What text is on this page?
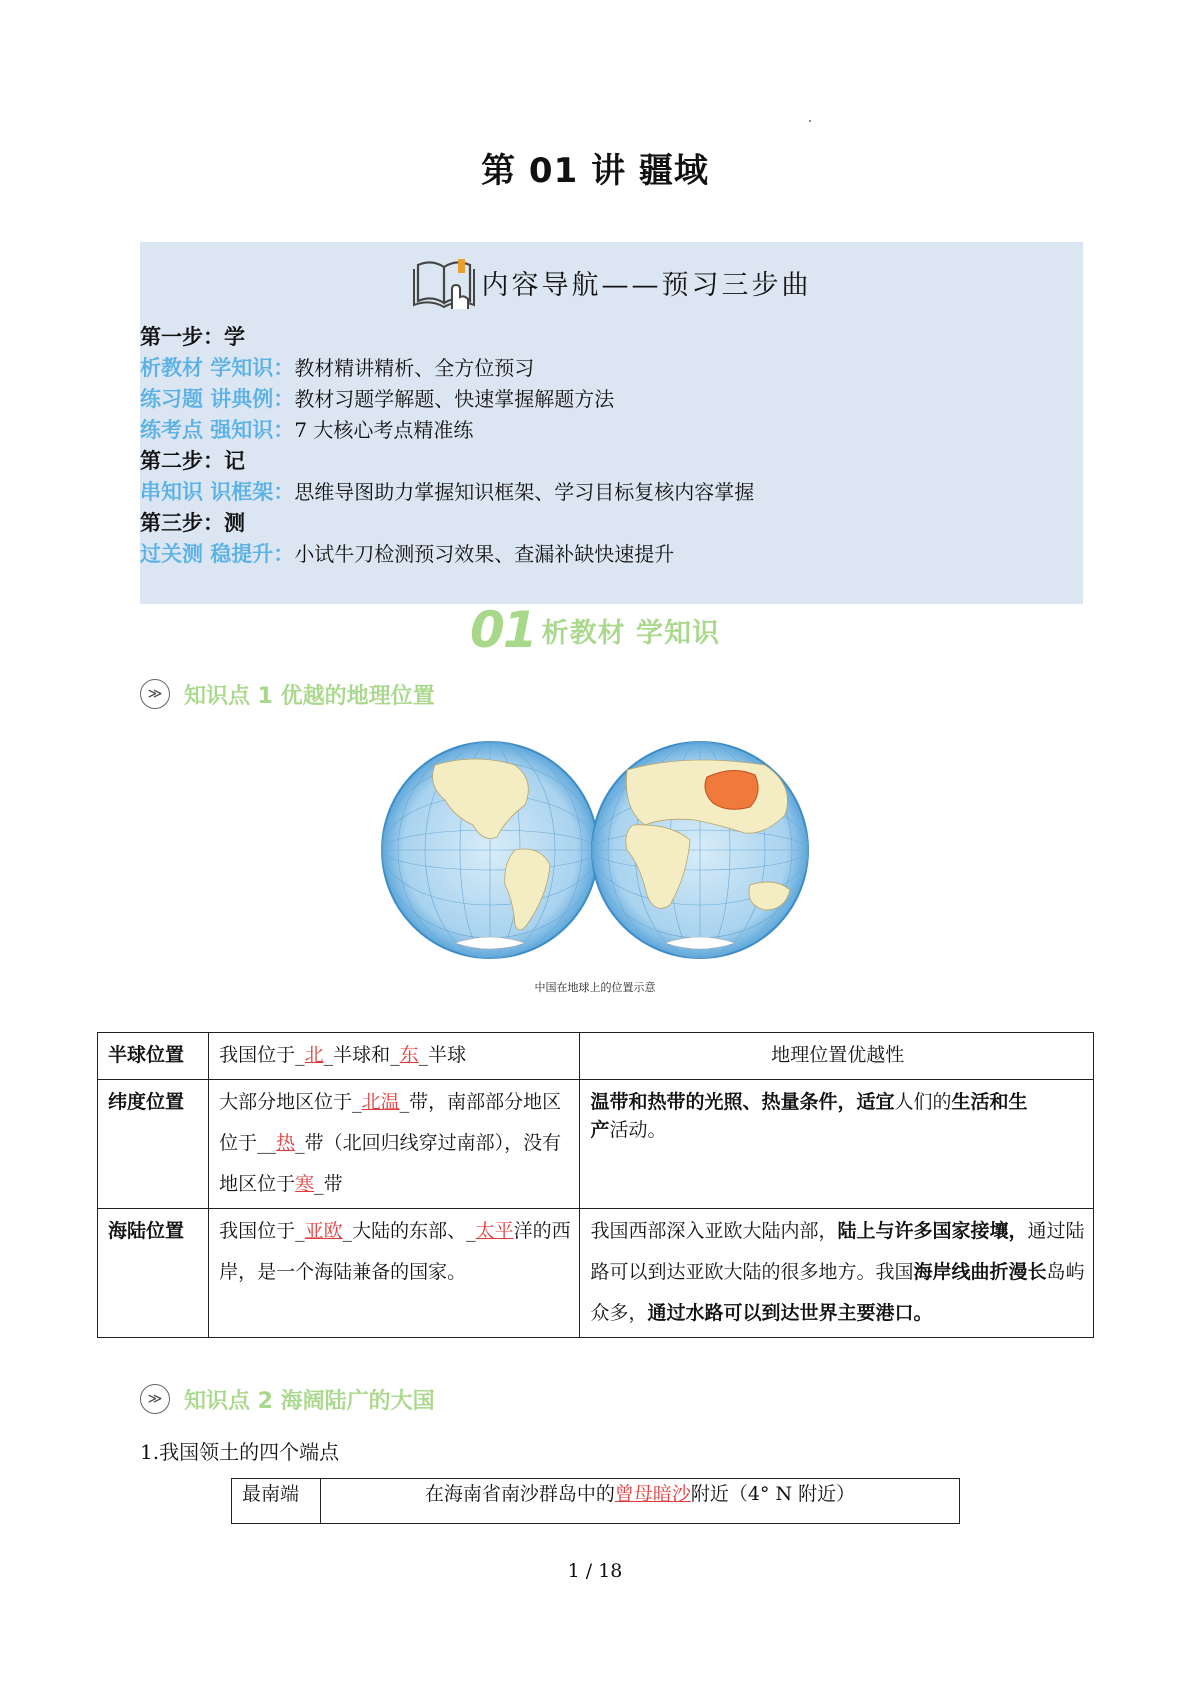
第 01 讲 疆域
内容导航——预习三步曲
第一步：学
析教材 学知识：教材精讲精析、全方位预习
练习题 讲典例：教材习题学解题、快速掌握解题方法
练考点 强知识：7 大核心考点精准练
第二步：记
串知识 识框架：思维导图助力掌握知识框架、学习目标复核内容掌握
第三步：测
过关测 稳提升：小试牛刀检测预习效果、查漏补缺快速提升
01 析教材 学知识
≫ 知识点 1 优越的地理位置
中国在地球上的位置示意
半球位置	我国位于_北_半球和_东_半球	地理位置优越性
纬度位置	大部分地区位于_北温_带，南部部分地区位于__热_带（北回归线穿过南部），没有地区位于寒_带	温带和热带的光照、热量条件，适宜人们的生活和生
产活动。
海陆位置	我国位于_亚欧_大陆的东部、_太平洋的西岸，是一个海陆兼备的国家。	我国西部深入亚欧大陆内部，陆上与许多国家接壤，通过陆路可以到达亚欧大陆的很多地方。我国海岸线曲折漫长岛屿众多，通过水路可以到达世界主要港口。
≫ 知识点 2 海阔陆广的大国
1.我国领土的四个端点
最南端	在海南省南沙群岛中的曾母暗沙附近（4° N 附近）
1 / 18
